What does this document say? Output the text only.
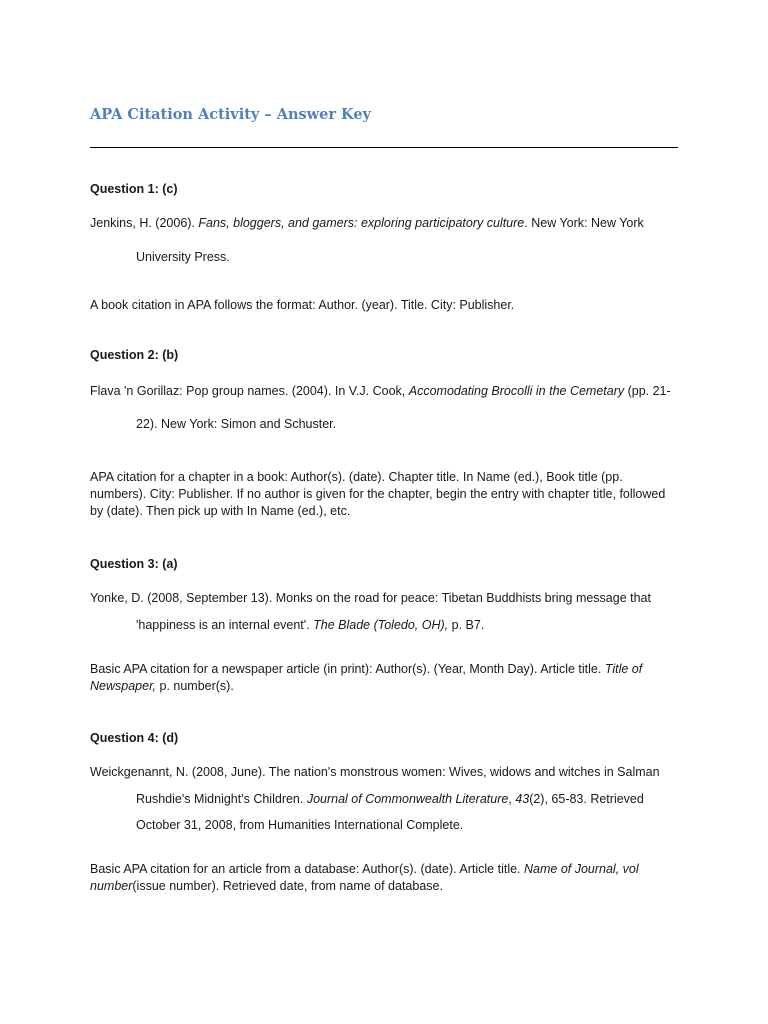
APA Citation Activity – Answer Key
Question 1: (c)
Jenkins, H. (2006). Fans, bloggers, and gamers: exploring participatory culture. New York: New York
University Press.
A book citation in APA follows the format: Author. (year). Title. City: Publisher.
Question 2: (b)
Flava 'n Gorillaz: Pop group names. (2004). In V.J. Cook, Accomodating Brocolli in the Cemetary (pp. 21-
22). New York: Simon and Schuster.
APA citation for a chapter in a book: Author(s). (date). Chapter title. In Name (ed.), Book title (pp. numbers). City: Publisher. If no author is given for the chapter, begin the entry with chapter title, followed by (date). Then pick up with In Name (ed.), etc.
Question 3: (a)
Yonke, D. (2008, September 13). Monks on the road for peace: Tibetan Buddhists bring message that
'happiness is an internal event'. The Blade (Toledo, OH), p. B7.
Basic APA citation for a newspaper article (in print): Author(s). (Year, Month Day). Article title. Title of Newspaper, p. number(s).
Question 4: (d)
Weickgenannt, N. (2008, June). The nation's monstrous women: Wives, widows and witches in Salman
Rushdie's Midnight's Children. Journal of Commonwealth Literature, 43(2), 65-83. Retrieved
October 31, 2008, from Humanities International Complete.
Basic APA citation for an article from a database: Author(s). (date). Article title. Name of Journal, vol number(issue number). Retrieved date, from name of database.
